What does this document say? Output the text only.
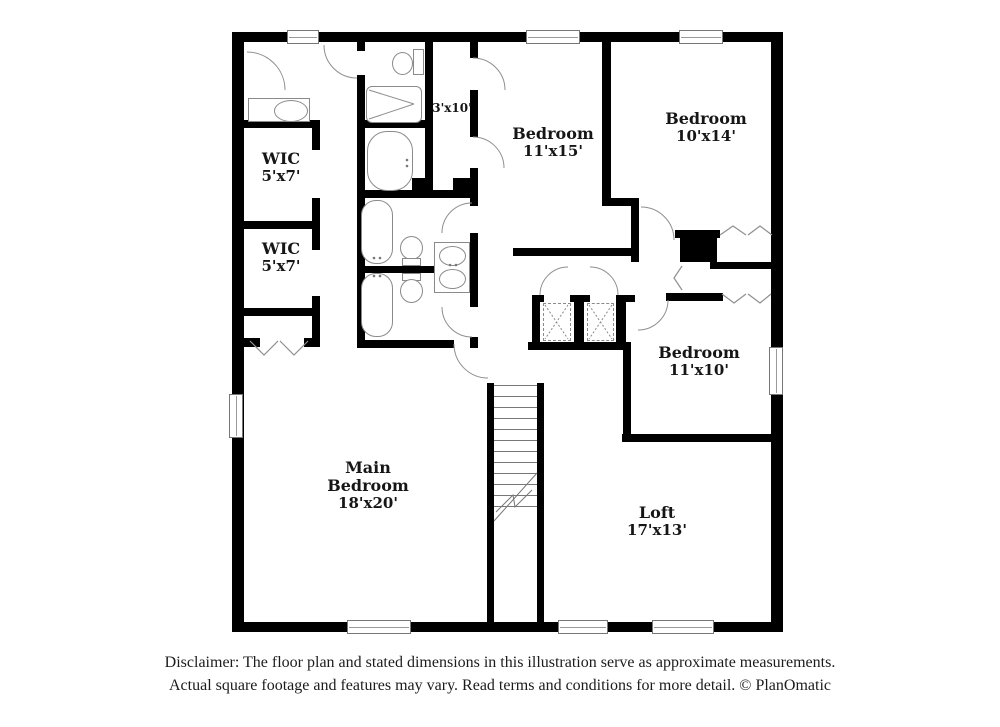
WIC
5'x7'
WIC
5'x7'
3'x10'
Bedroom
11'x15'
Bedroom
10'x14'
Bedroom
11'x10'
Main Bedroom
18'x20'
Loft
17'x13'
Disclaimer: The floor plan and stated dimensions in this illustration serve as approximate measurements.
Actual square footage and features may vary. Read terms and conditions for more detail. © PlanOmatic
